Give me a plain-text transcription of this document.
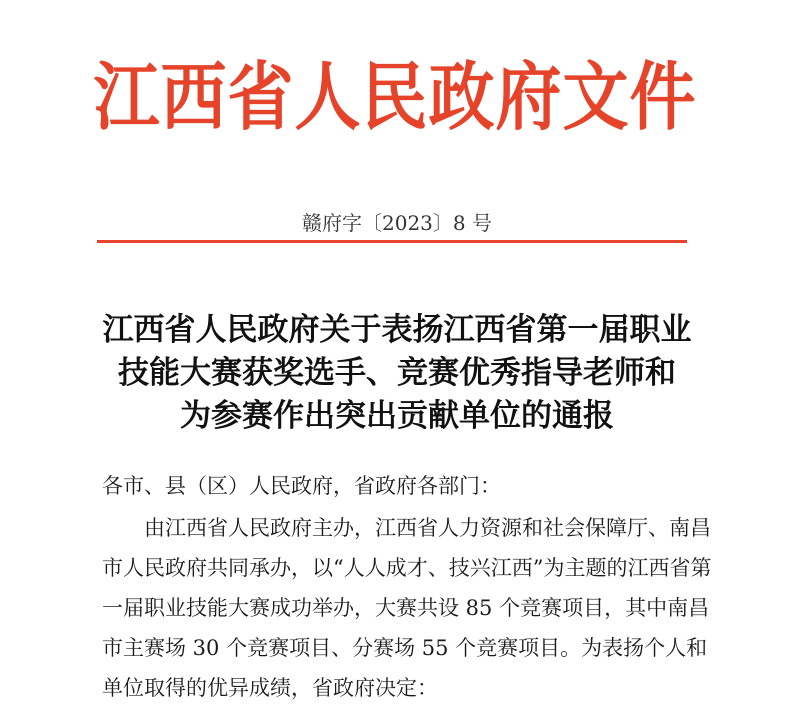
江西省人民政府文件
赣府字〔2023〕8 号
江西省人民政府关于表扬江西省第一届职业
技能大赛获奖选手、竞赛优秀指导老师和
为参赛作出突出贡献单位的通报
各市、县（区）人民政府，省政府各部门：
由江西省人民政府主办，江西省人力资源和社会保障厅、南昌
市人民政府共同承办，以“人人成才、技兴江西”为主题的江西省第
一届职业技能大赛成功举办，大赛共设 85 个竞赛项目，其中南昌
市主赛场 30 个竞赛项目、分赛场 55 个竞赛项目。为表扬个人和
单位取得的优异成绩，省政府决定：
